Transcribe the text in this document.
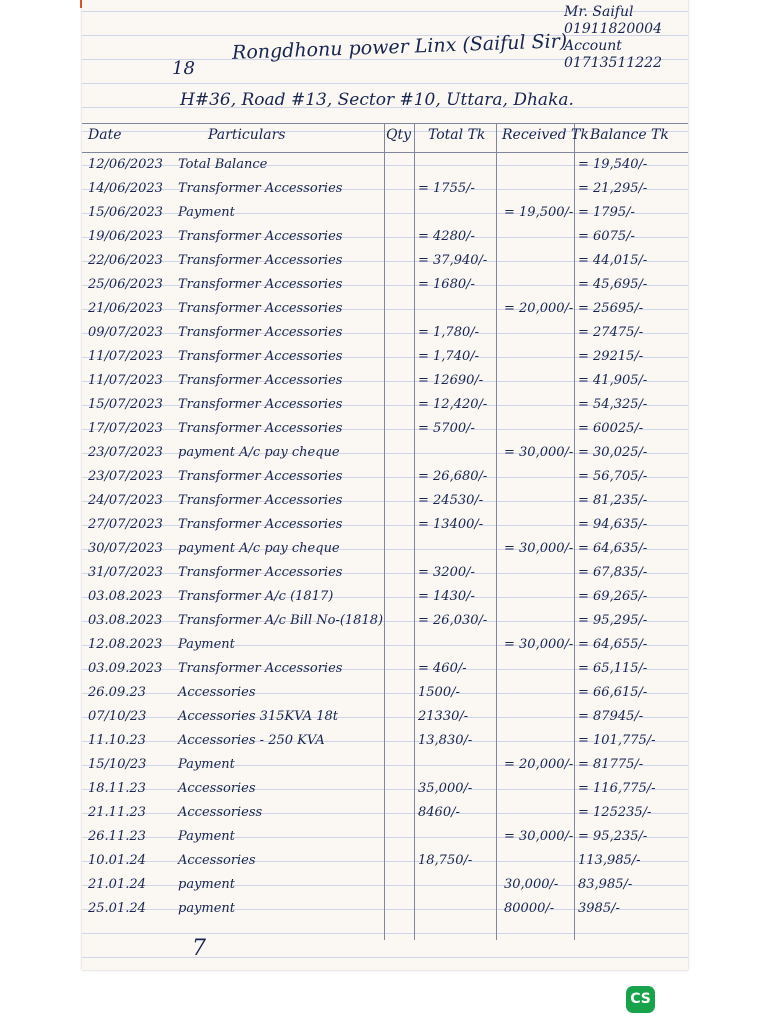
18
Rongdhonu power Linx (Saiful Sir)
Mr. Saiful
01911820004
Account
01713511222
H#36, Road #13, Sector #10, Uttara, Dhaka.
Date	Particulars	Qty Total Tk Received Tk Balance Tk
12/06/2023 Total Balance	= 19,540/-
14/06/2023 Transformer Accessories	= 1755/-	= 21,295/-
15/06/2023 Payment	= 19,500/- = 1795/-
19/06/2023 Transformer Accessories	= 4280/-	= 6075/-
22/06/2023 Transformer Accessories	= 37,940/-	= 44,015/-
25/06/2023 Transformer Accessories	= 1680/-	= 45,695/-
21/06/2023 Transformer Accessories	= 20,000/- = 25695/-
09/07/2023 Transformer Accessories	= 1,780/-	= 27475/-
11/07/2023 Transformer Accessories	= 1,740/-	= 29215/-
11/07/2023 Transformer Accessories	= 12690/-	= 41,905/-
15/07/2023 Transformer Accessories	= 12,420/-	= 54,325/-
17/07/2023 Transformer Accessories	= 5700/-	= 60025/-
23/07/2023 payment A/c pay cheque	= 30,000/- = 30,025/-
23/07/2023 Transformer Accessories	= 26,680/-	= 56,705/-
24/07/2023 Transformer Accessories	= 24530/-	= 81,235/-
27/07/2023 Transformer Accessories	= 13400/-	= 94,635/-
30/07/2023 payment A/c pay cheque	= 30,000/- = 64,635/-
31/07/2023 Transformer Accessories	= 3200/-	= 67,835/-
03.08.2023 Transformer A/c (1817)	= 1430/-	= 69,265/-
03.08.2023 Transformer A/c Bill No-(1818)	= 26,030/-	= 95,295/-
12.08.2023 Payment	= 30,000/- = 64,655/-
03.09.2023 Transformer Accessories	= 460/-	= 65,115/-
26.09.23 Accessories	1500/-	= 66,615/-
07/10/23 Accessories 315KVA 18t	21330/-	= 87945/-
11.10.23 Accessories - 250 KVA	13,830/-	= 101,775/-
15/10/23 Payment	= 20,000/- = 81775/-
18.11.23 Accessories	35,000/-	= 116,775/-
21.11.23 Accessoriess	8460/-	= 125235/-
26.11.23 Payment	= 30,000/- = 95,235/-
10.01.24 Accessories	18,750/-	113,985/-
21.01.24 payment	30,000/- 83,985/-
25.01.24 payment	80000/- 3985/-
7
CS
